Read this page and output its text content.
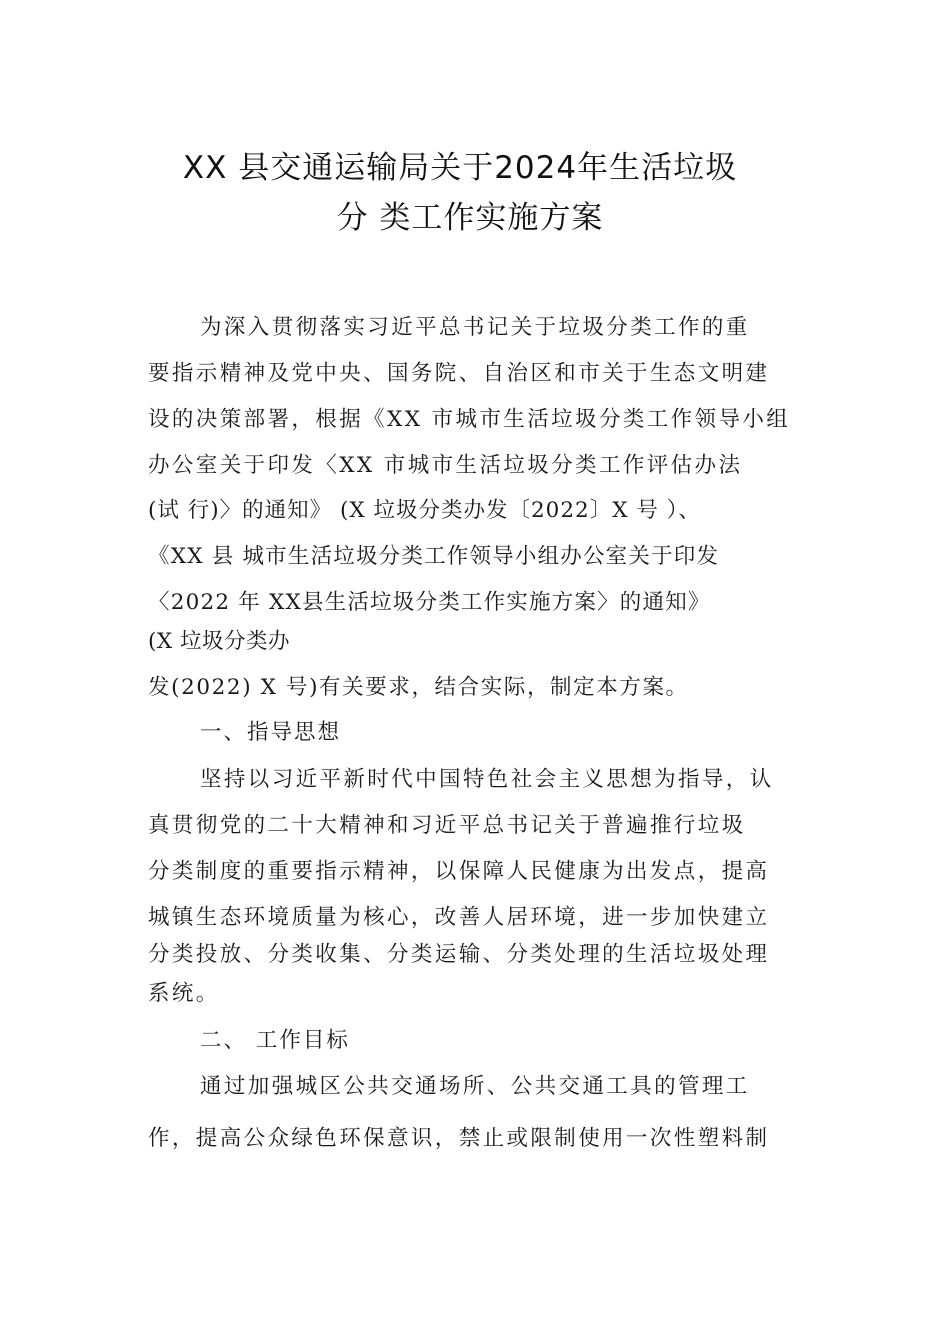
XX 县交通运输局关于2024年生活垃圾
分 类工作实施方案
为深入贯彻落实习近平总书记关于垃圾分类工作的重
要指示精神及党中央、国务院、自治区和市关于生态文明建
设的决策部署，根据《XX 市城市生活垃圾分类工作领导小组
办公室关于印发〈XX 市城市生活垃圾分类工作评估办法
(试 行)〉的通知》 (X 垃圾分类办发〔2022〕X 号 ）、
《XX 县 城市生活垃圾分类工作领导小组办公室关于印发
〈2022 年 XX县生活垃圾分类工作实施方案〉的通知》
(X 垃圾分类办
发(2022) X 号)有关要求，结合实际，制定本方案。
一、指导思想
坚持以习近平新时代中国特色社会主义思想为指导，认
真贯彻党的二十大精神和习近平总书记关于普遍推行垃圾
分类制度的重要指示精神，以保障人民健康为出发点，提高
城镇生态环境质量为核心，改善人居环境，进一步加快建立
分类投放、分类收集、分类运输、分类处理的生活垃圾处理
系统。
二、 工作目标
通过加强城区公共交通场所、公共交通工具的管理工
作，提高公众绿色环保意识，禁止或限制使用一次性塑料制
